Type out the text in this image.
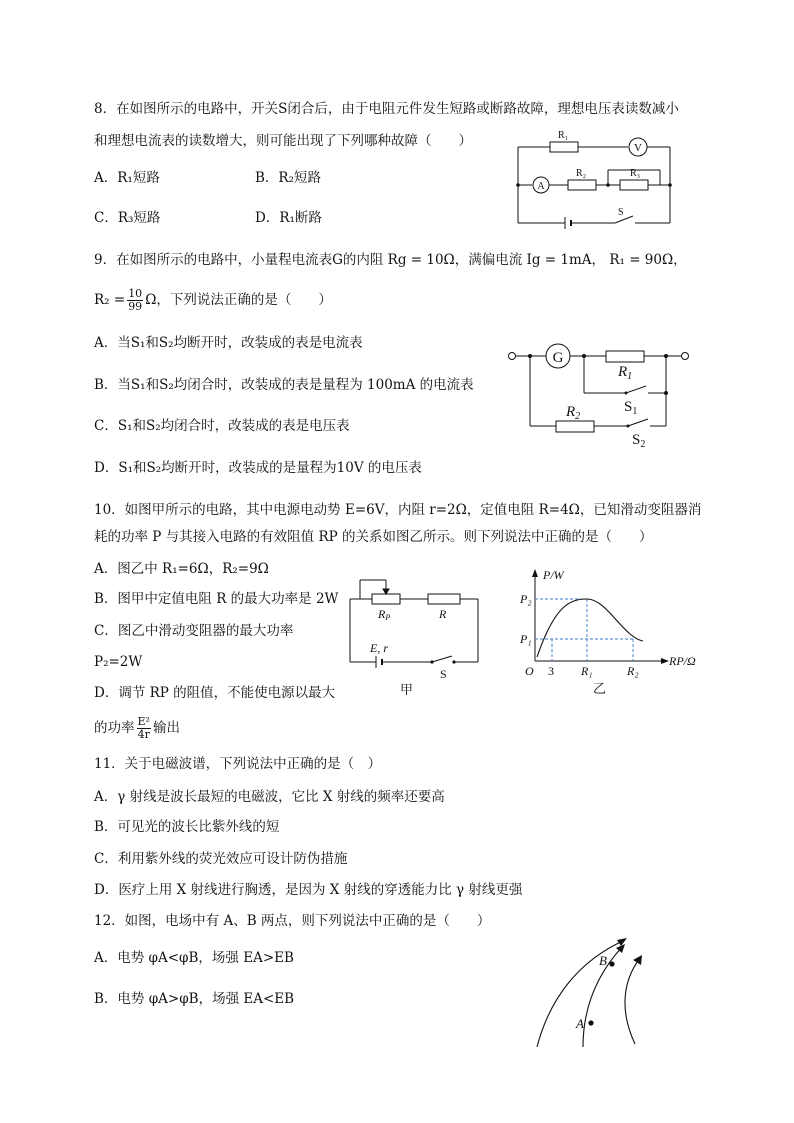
8．在如图所示的电路中，开关S闭合后，由于电阻元件发生短路或断路故障，理想电压表读数减小
和理想电流表的读数增大，则可能出现了下列哪种故障（　　）
A．R₁短路	B．R₂短路
C．R₃短路	D．R₁断路
R₁
V
A
R₂	R₃
S
9．在如图所示的电路中，小量程电流表G的内阻 Rg = 10Ω，满偏电流 Ig = 1mA， R₁ = 90Ω，
$R_2 = \frac{10}{99}$ Ω，下列说法正确的是（　　）
A．当S₁和S₂均断开时，改装成的表是电流表
B．当S₁和S₂均闭合时，改装成的表是量程为 100mA 的电流表
C．S₁和S₂均闭合时，改装成的表是电压表
D．S₁和S₂均断开时，改装成的是量程为10V 的电压表
G
$R_1$
$S_1$
$R_2$
$S_2$
10．如图甲所示的电路，其中电源电动势 E=6V，内阻 r=2Ω，定值电阻 R=4Ω，已知滑动变阻器消
耗的功率 P 与其接入电路的有效阻值 RP 的关系如图乙所示。则下列说法中正确的是（　　）
A．图乙中 R₁=6Ω，R₂=9Ω
B．图甲中定值电阻 R 的最大功率是 2W
C．图乙中滑动变阻器的最大功率
P₂=2W
D．调节 RP 的阻值，不能使电源以最大
的功率 $\frac{\text{E²}}{4r}$ 输出
RP	R
E, r
S
甲
P/W
P₂
P₁
O 3 R₁	R₂
RP/Ω
乙
11．关于电磁波谱，下列说法中正确的是（　）
A．γ 射线是波长最短的电磁波，它比 X 射线的频率还要高
B．可见光的波长比紫外线的短
C．利用紫外线的荧光效应可设计防伪措施
D．医疗上用 X 射线进行胸透，是因为 X 射线的穿透能力比 γ 射线更强
12．如图，电场中有 A、B 两点，则下列说法中正确的是（　　）
A．电势 φA<φB，场强 EA>EB
B．电势 φA>φB，场强 EA<EB
A
B
